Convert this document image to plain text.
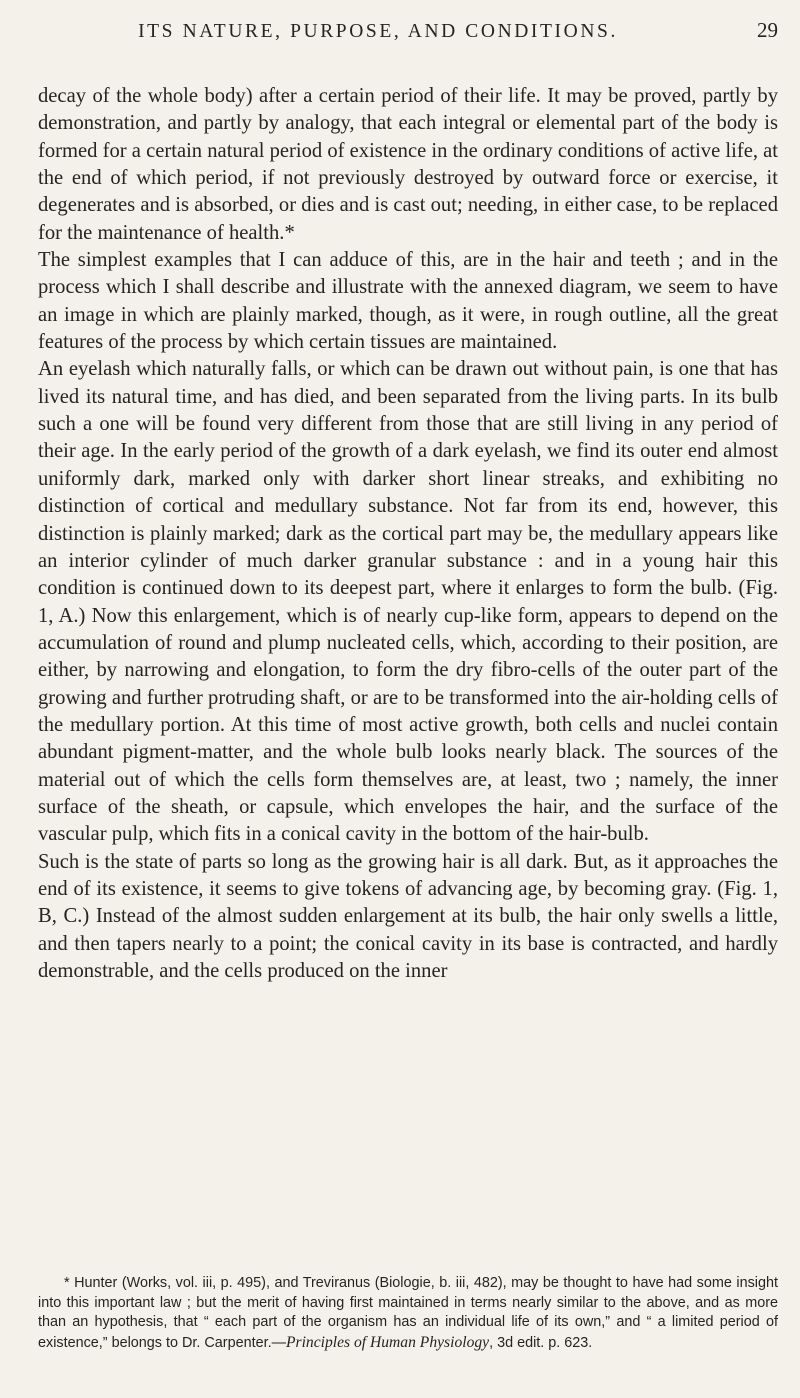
ITS NATURE, PURPOSE, AND CONDITIONS.	29

decay of the whole body) after a certain period of their life. It may be proved, partly by demonstration, and partly by analogy, that each integral or elemental part of the body is formed for a certain natural period of existence in the ordinary conditions of active life, at the end of which period, if not previously destroyed by outward force or exercise, it degenerates and is absorbed, or dies and is cast out; needing, in either case, to be replaced for the maintenance of health.*

The simplest examples that I can adduce of this, are in the hair and teeth ; and in the process which I shall describe and illustrate with the annexed diagram, we seem to have an image in which are plainly marked, though, as it were, in rough outline, all the great features of the process by which certain tissues are maintained.

An eyelash which naturally falls, or which can be drawn out without pain, is one that has lived its natural time, and has died, and been separated from the living parts. In its bulb such a one will be found very different from those that are still living in any period of their age. In the early period of the growth of a dark eyelash, we find its outer end almost uniformly dark, marked only with darker short linear streaks, and exhibiting no distinction of cortical and medullary substance. Not far from its end, however, this distinction is plainly marked; dark as the cortical part may be, the medullary appears like an interior cylinder of much darker granular substance : and in a young hair this condition is continued down to its deepest part, where it enlarges to form the bulb. (Fig. 1, A.) Now this enlargement, which is of nearly cup-like form, appears to depend on the accumulation of round and plump nucleated cells, which, according to their position, are either, by narrowing and elongation, to form the dry fibro-cells of the outer part of the growing and further protruding shaft, or are to be transformed into the air-holding cells of the medullary portion. At this time of most active growth, both cells and nuclei contain abundant pigment-matter, and the whole bulb looks nearly black. The sources of the material out of which the cells form themselves are, at least, two ; namely, the inner surface of the sheath, or capsule, which envelopes the hair, and the surface of the vascular pulp, which fits in a conical cavity in the bottom of the hair-bulb.

Such is the state of parts so long as the growing hair is all dark. But, as it approaches the end of its existence, it seems to give tokens of advancing age, by becoming gray. (Fig. 1, B, C.) Instead of the almost sudden enlargement at its bulb, the hair only swells a little, and then tapers nearly to a point; the conical cavity in its base is contracted, and hardly demonstrable, and the cells produced on the inner

* Hunter (Works, vol. iii, p. 495), and Treviranus (Biologie, b. iii, 482), may be thought to have had some insight into this important law ; but the merit of having first maintained in terms nearly similar to the above, and as more than an hypothesis, that “ each part of the organism has an individual life of its own,” and “ a limited period of existence,” belongs to Dr. Carpenter.—Principles of Human Physiology, 3d edit. p. 623.
